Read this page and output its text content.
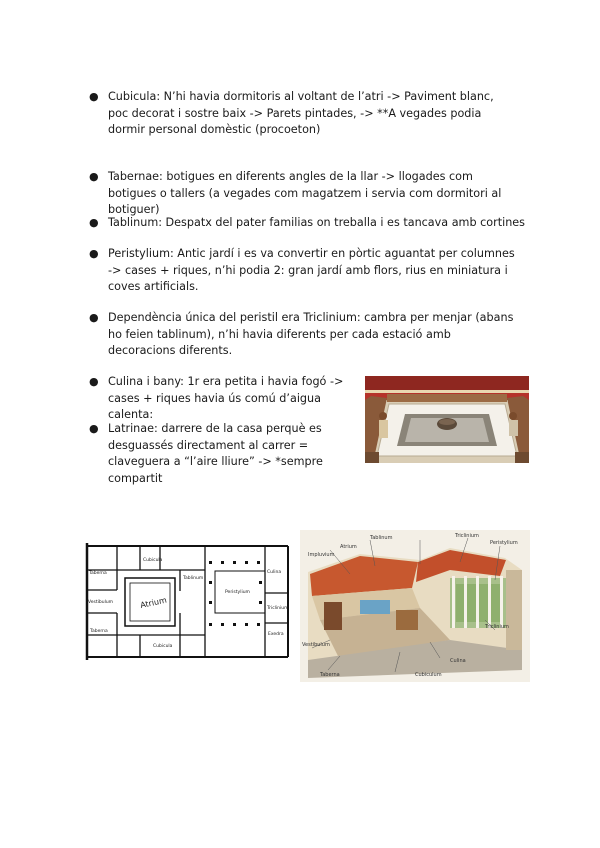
● Cubicula: N’hi havia dormitoris al voltant de l’atri -> Paviment blanc, poc decorat i sostre baix -> Parets pintades, -> **A vegades podia dormir personal domèstic (procoeton)
● Tabernae: botigues en diferents angles de la llar -> llogades com botigues o tallers (a vegades com magatzem i servia com dormitori al botiguer)
● Tablinum: Despatx del pater familias on treballa i es tancava amb cortines
● Peristylium: Antic jardí i es va convertir en pòrtic aguantat per columnes -> cases + riques, n’hi podia 2: gran jardí amb flors, rius en miniatura i coves artificials.
● Dependència única del peristil era Triclinium: cambra per menjar (abans ho feien tablinum), n’hi havia diferents per cada estació amb decoracions diferents.
● Culina i bany: 1r era petita i havia fogó -> cases + riques havia ús comú d’aigua calenta:
● Latrinae: darrere de la casa perquè es desguassés directament al carrer = claveguera a “l’aire lliure” -> *sempre compartit
Taberna
Vestibulum
Taberna
Cubicula
Atrium
Tablinum
Peristylium
Culina
Triclinium
Exedra
Cubicula
Atrium
Impluvium
Tablinum	Triclinium
Peristylium
Vestibulum
Taberna
Culina
Cubiculum
Triclinium
